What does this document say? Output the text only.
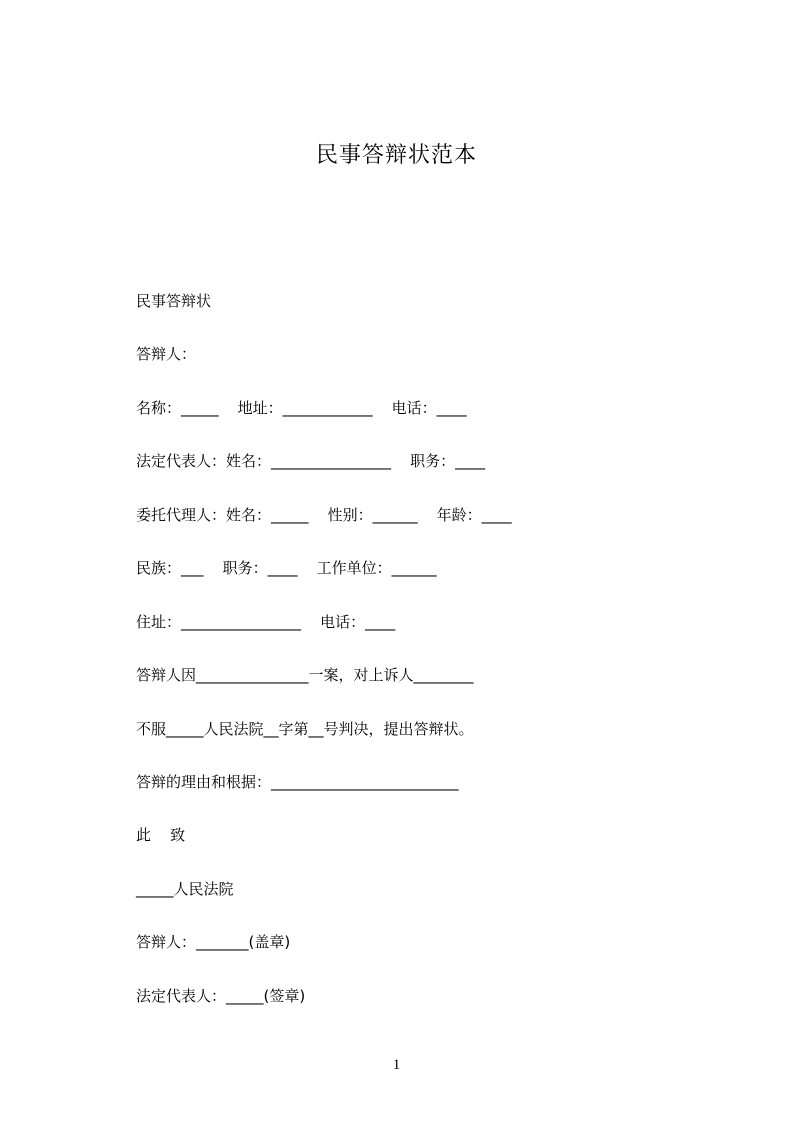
民事答辩状范本
民事答辩状
答辩人：
名称：_____    地址：____________    电话：____
法定代表人：姓名：________________    职务：____
委托代理人：姓名：_____    性别：______    年龄：____
民族：___    职务：____    工作单位：______
住址：________________    电话：____
答辩人因_______________一案，对上诉人________
不服_____人民法院__字第__号判决，提出答辩状。
答辩的理由和根据：_________________________
此    致
_____人民法院
答辩人：_______(盖章)
法定代表人：_____(签章)
1
